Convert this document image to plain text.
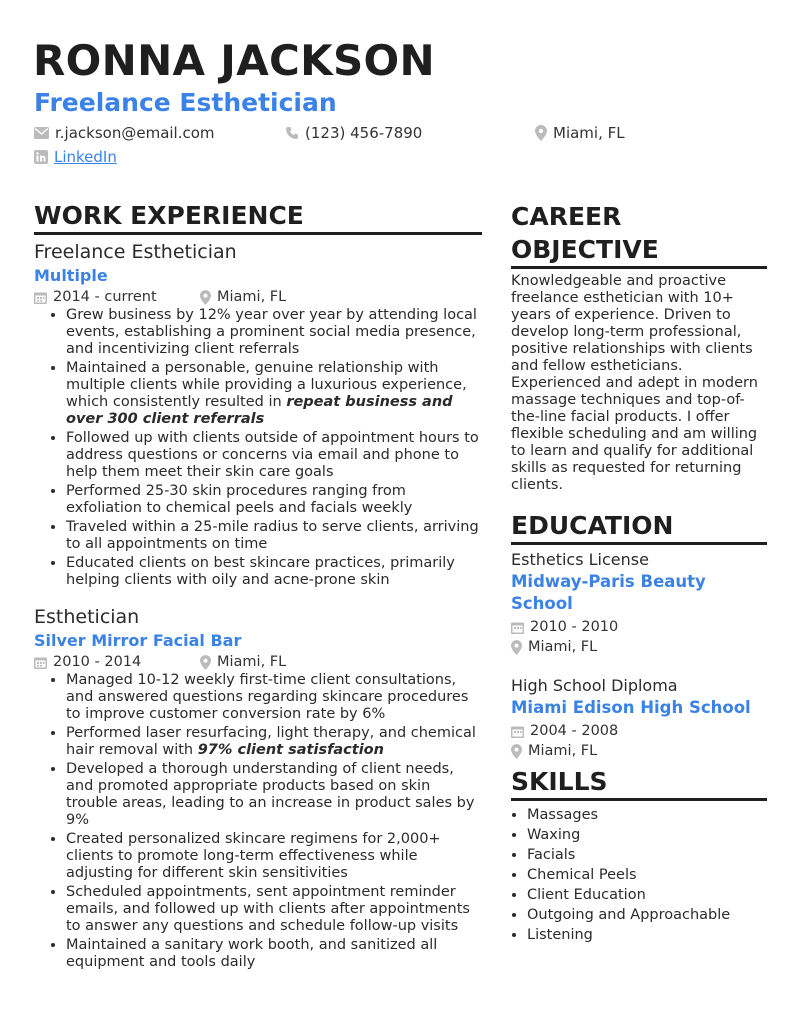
RONNA JACKSON
Freelance Esthetician
r.jackson@email.com	(123) 456-7890	Miami, FL
LinkedIn
WORK EXPERIENCE
Freelance Esthetician
Multiple
2014 - current	Miami, FL
• Grew business by 12% year over year by attending local events, establishing a prominent social media presence, and incentivizing client referrals
• Maintained a personable, genuine relationship with multiple clients while providing a luxurious experience, which consistently resulted in repeat business and over 300 client referrals
• Followed up with clients outside of appointment hours to address questions or concerns via email and phone to help them meet their skin care goals
• Performed 25-30 skin procedures ranging from exfoliation to chemical peels and facials weekly
• Traveled within a 25-mile radius to serve clients, arriving to all appointments on time
• Educated clients on best skincare practices, primarily helping clients with oily and acne-prone skin
Esthetician
Silver Mirror Facial Bar
2010 - 2014	Miami, FL
• Managed 10-12 weekly first-time client consultations, and answered questions regarding skincare procedures to improve customer conversion rate by 6%
• Performed laser resurfacing, light therapy, and chemical hair removal with 97% client satisfaction
• Developed a thorough understanding of client needs, and promoted appropriate products based on skin trouble areas, leading to an increase in product sales by 9%
• Created personalized skincare regimens for 2,000+ clients to promote long-term effectiveness while adjusting for different skin sensitivities
• Scheduled appointments, sent appointment reminder emails, and followed up with clients after appointments to answer any questions and schedule follow-up visits
• Maintained a sanitary work booth, and sanitized all equipment and tools daily
CAREER
OBJECTIVE
Knowledgeable and proactive freelance esthetician with 10+ years of experience. Driven to develop long-term professional, positive relationships with clients and fellow estheticians. Experienced and adept in modern massage techniques and top-of-the-line facial products. I offer flexible scheduling and am willing to learn and qualify for additional skills as requested for returning clients.
EDUCATION
Esthetics License
Midway-Paris Beauty School
2010 - 2010
Miami, FL
High School Diploma
Miami Edison High School
2004 - 2008
Miami, FL
SKILLS
• Massages
• Waxing
• Facials
• Chemical Peels
• Client Education
• Outgoing and Approachable
• Listening
